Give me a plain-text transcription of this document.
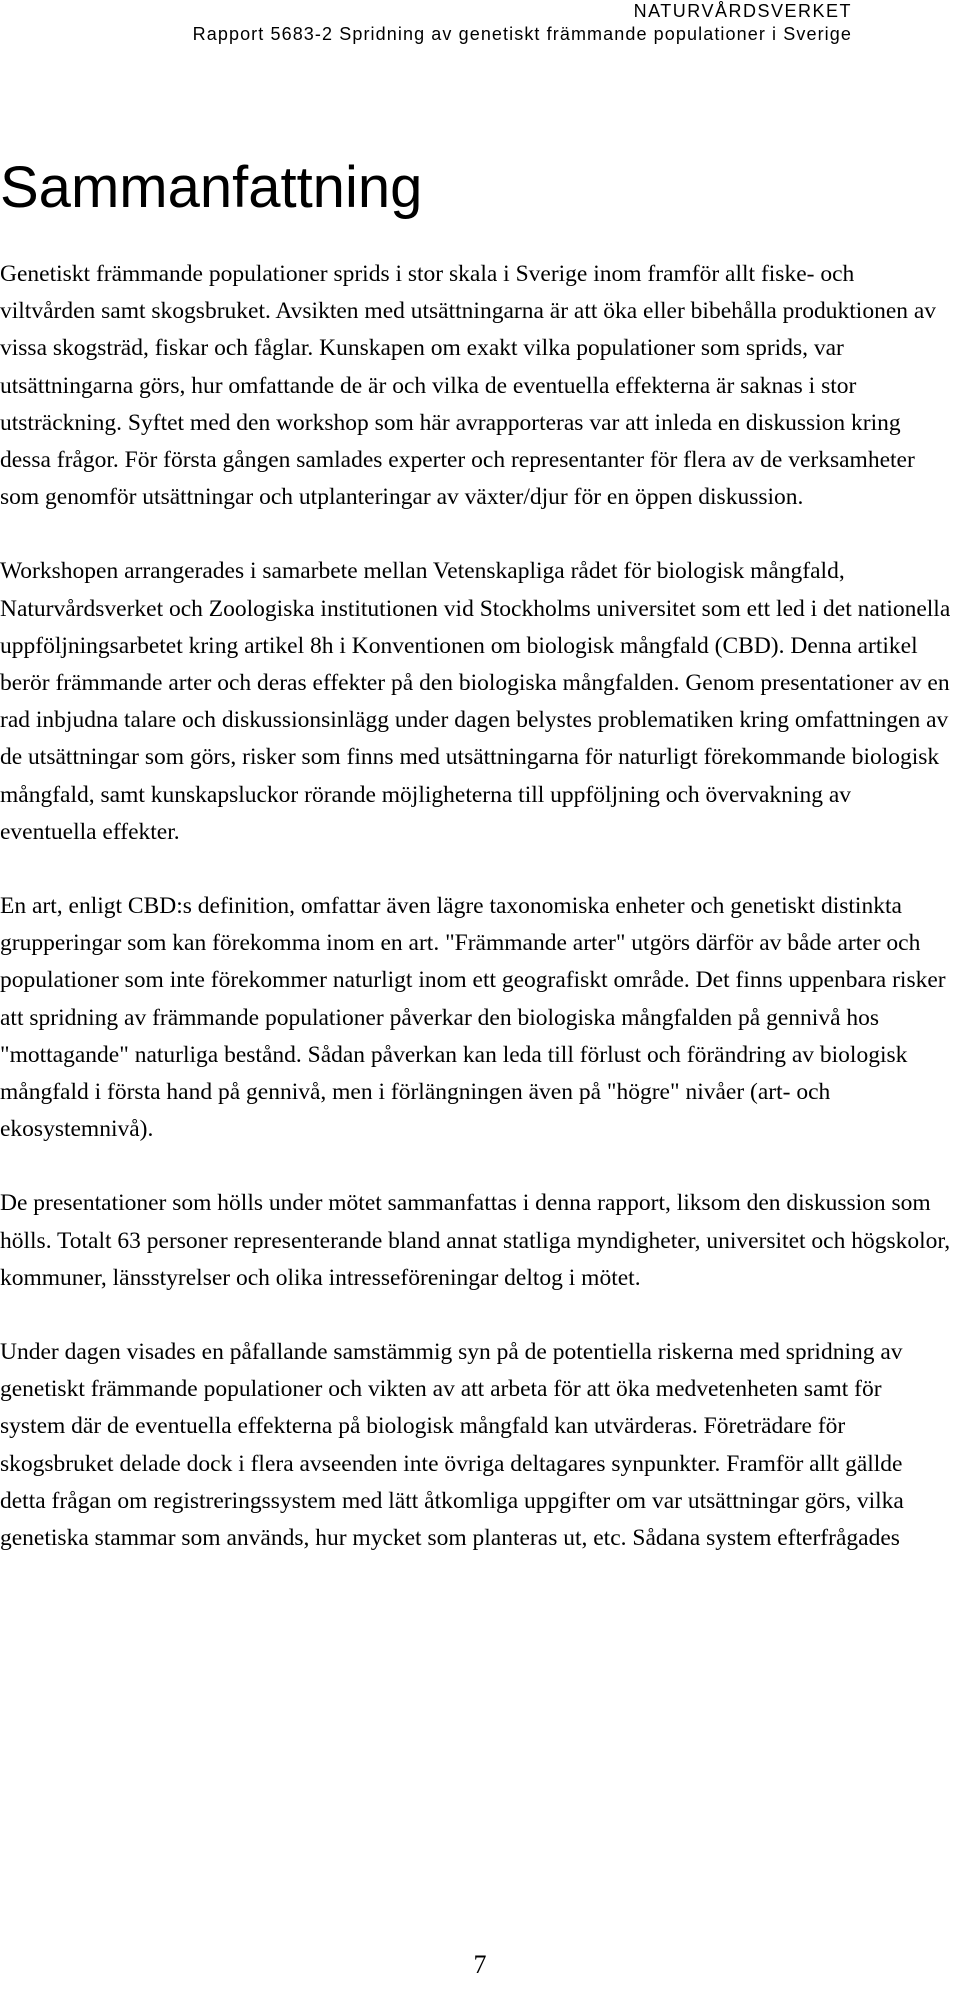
NATURVÅRDSVERKET
Rapport 5683-2 Spridning av genetiskt främmande populationer i Sverige
Sammanfattning

Genetiskt främmande populationer sprids i stor skala i Sverige inom framför allt fiske- och viltvården samt skogsbruket. Avsikten med utsättningarna är att öka eller bibehålla produktionen av vissa skogsträd, fiskar och fåglar. Kunskapen om exakt vilka populationer som sprids, var utsättningarna görs, hur omfattande de är och vilka de eventuella effekterna är saknas i stor utsträckning. Syftet med den workshop som här avrapporteras var att inleda en diskussion kring dessa frågor. För första gången samlades experter och representanter för flera av de verksamheter som genomför utsättningar och utplanteringar av växter/djur för en öppen diskussion.

Workshopen arrangerades i samarbete mellan Vetenskapliga rådet för biologisk mångfald, Naturvårdsverket och Zoologiska institutionen vid Stockholms universitet som ett led i det nationella uppföljningsarbetet kring artikel 8h i Konventionen om biologisk mångfald (CBD). Denna artikel berör främmande arter och deras effekter på den biologiska mångfalden. Genom presentationer av en rad inbjudna talare och diskussionsinlägg under dagen belystes problematiken kring omfattningen av de utsättningar som görs, risker som finns med utsättningarna för naturligt förekommande biologisk mångfald, samt kunskapsluckor rörande möjligheterna till uppföljning och övervakning av eventuella effekter.

En art, enligt CBD:s definition, omfattar även lägre taxonomiska enheter och genetiskt distinkta grupperingar som kan förekomma inom en art. "Främmande arter" utgörs därför av både arter och populationer som inte förekommer naturligt inom ett geografiskt område. Det finns uppenbara risker att spridning av främmande populationer påverkar den biologiska mångfalden på gennivå hos "mottagande" naturliga bestånd. Sådan påverkan kan leda till förlust och förändring av biologisk mångfald i första hand på gennivå, men i förlängningen även på "högre" nivåer (art- och ekosystemnivå).

De presentationer som hölls under mötet sammanfattas i denna rapport, liksom den diskussion som hölls. Totalt 63 personer representerande bland annat statliga myndigheter, universitet och högskolor, kommuner, länsstyrelser och olika intresseföreningar deltog i mötet.

Under dagen visades en påfallande samstämmig syn på de potentiella riskerna med spridning av genetiskt främmande populationer och vikten av att arbeta för att öka medvetenheten samt för system där de eventuella effekterna på biologisk mångfald kan utvärderas. Företrädare för skogsbruket delade dock i flera avseenden inte övriga deltagares synpunkter. Framför allt gällde detta frågan om registreringssystem med lätt åtkomliga uppgifter om var utsättningar görs, vilka genetiska stammar som används, hur mycket som planteras ut, etc. Sådana system efterfrågades

7
